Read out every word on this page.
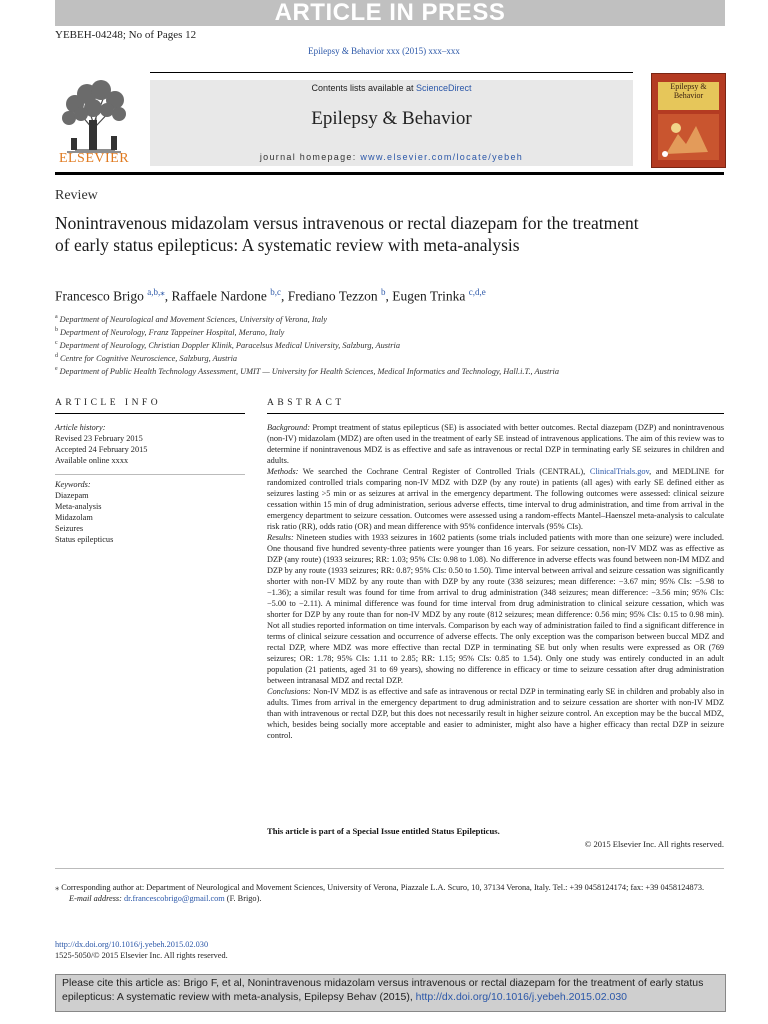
ARTICLE IN PRESS
YEBEH-04248; No of Pages 12
Epilepsy & Behavior xxx (2015) xxx–xxx
ELSEVIER
Contents lists available at ScienceDirect
Epilepsy & Behavior
journal homepage: www.elsevier.com/locate/yebeh
Epilepsy & Behavior
Review
Nonintravenous midazolam versus intravenous or rectal diazepam for the treatment of early status epilepticus: A systematic review with meta-analysis
Francesco Brigo $^{a,b,⁎}$, Raffaele Nardone $^{b,c}$, Frediano Tezzon $^b$, Eugen Trinka $^{c,d,e}$
$^a$ Department of Neurological and Movement Sciences, University of Verona, Italy
$^b$ Department of Neurology, Franz Tappeiner Hospital, Merano, Italy
$^c$ Department of Neurology, Christian Doppler Klinik, Paracelsus Medical University, Salzburg, Austria
$^d$ Centre for Cognitive Neuroscience, Salzburg, Austria
$^e$ Department of Public Health Technology Assessment, UMIT — University for Health Sciences, Medical Informatics and Technology, Hall.i.T., Austria
ARTICLE INFO
Article history:
Revised 23 February 2015
Accepted 24 February 2015
Available online xxxx
Keywords:
Diazepam
Meta-analysis
Midazolam
Seizures
Status epilepticus
ABSTRACT

Background: Prompt treatment of status epilepticus (SE) is associated with better outcomes. Rectal diazepam (DZP) and nonintravenous (non-IV) midazolam (MDZ) are often used in the treatment of early SE instead of intravenous applications. The aim of this review was to determine if nonintravenous MDZ is as effective and safe as intravenous or rectal DZP in terminating early SE seizures in children and adults.

Methods: We searched the Cochrane Central Register of Controlled Trials (CENTRAL), ClinicalTrials.gov, and MEDLINE for randomized controlled trials comparing non-IV MDZ with DZP (by any route) in patients (all ages) with early SE defined either as seizures lasting >5 min or as seizures at arrival in the emergency department. The following outcomes were assessed: clinical seizure cessation within 15 min of drug administration, serious adverse effects, time interval to drug administration, and time from arrival in the emergency department to seizure cessation. Outcomes were assessed using a random-effects Mantel–Haenszel meta-analysis to calculate risk ratio (RR), odds ratio (OR) and mean difference with 95% confidence intervals (95% CIs).

Results: Nineteen studies with 1933 seizures in 1602 patients (some trials included patients with more than one seizure) were included. One thousand five hundred seventy-three patients were younger than 16 years. For seizure cessation, non-IV MDZ was as effective as DZP (any route) (1933 seizures; RR: 1.03; 95% CIs: 0.98 to 1.08). No difference in adverse effects was found between non-IM MDZ and DZP by any route (1933 seizures; RR: 0.87; 95% CIs: 0.50 to 1.50). Time interval between arrival and seizure cessation was significantly shorter with non-IV MDZ by any route than with DZP by any route (338 seizures; mean difference: −3.67 min; 95% CIs: −5.98 to −1.36); a similar result was found for time from arrival to drug administration (348 seizures; mean difference: −3.56 min; 95% CIs: −5.00 to −2.11). A minimal difference was found for time interval from drug administration to clinical seizure cessation, which was shorter for DZP by any route than for non-IV MDZ by any route (812 seizures; mean difference: 0.56 min; 95% CIs: 0.15 to 0.98 min). Not all studies reported information on time intervals. Comparison by each way of administration failed to find a significant difference in terms of clinical seizure cessation and occurrence of adverse effects. The only exception was the comparison between buccal MDZ and rectal DZP, where MDZ was more effective than rectal DZP in terminating SE but only when results were expressed as OR (769 seizures; OR: 1.78; 95% CIs: 1.11 to 2.85; RR: 1.15; 95% CIs: 0.85 to 1.54). Only one study was entirely conducted in an adult population (21 patients, aged 31 to 69 years), showing no difference in efficacy or time to seizure cessation after drug administration between intranasal MDZ and rectal DZP.

Conclusions: Non-IV MDZ is as effective and safe as intravenous or rectal DZP in terminating early SE in children and probably also in adults. Times from arrival in the emergency department to drug administration and to seizure cessation are shorter with non-IV MDZ than with intravenous or rectal DZP, but this does not necessarily result in higher seizure control. An exception may be the buccal MDZ, which, besides being socially more acceptable and easier to administer, might also have a higher efficacy than rectal DZP in seizure control.

This article is part of a Special Issue entitled Status Epilepticus.
© 2015 Elsevier Inc. All rights reserved.
⁎ Corresponding author at: Department of Neurological and Movement Sciences, University of Verona, Piazzale L.A. Scuro, 10, 37134 Verona, Italy. Tel.: +39 0458124174; fax: +39 0458124873.
E-mail address: dr.francescobrigo@gmail.com (F. Brigo).
http://dx.doi.org/10.1016/j.yebeh.2015.02.030
1525-5050/© 2015 Elsevier Inc. All rights reserved.
Please cite this article as: Brigo F, et al, Nonintravenous midazolam versus intravenous or rectal diazepam for the treatment of early status epilepticus: A systematic review with meta-analysis, Epilepsy Behav (2015), http://dx.doi.org/10.1016/j.yebeh.2015.02.030
